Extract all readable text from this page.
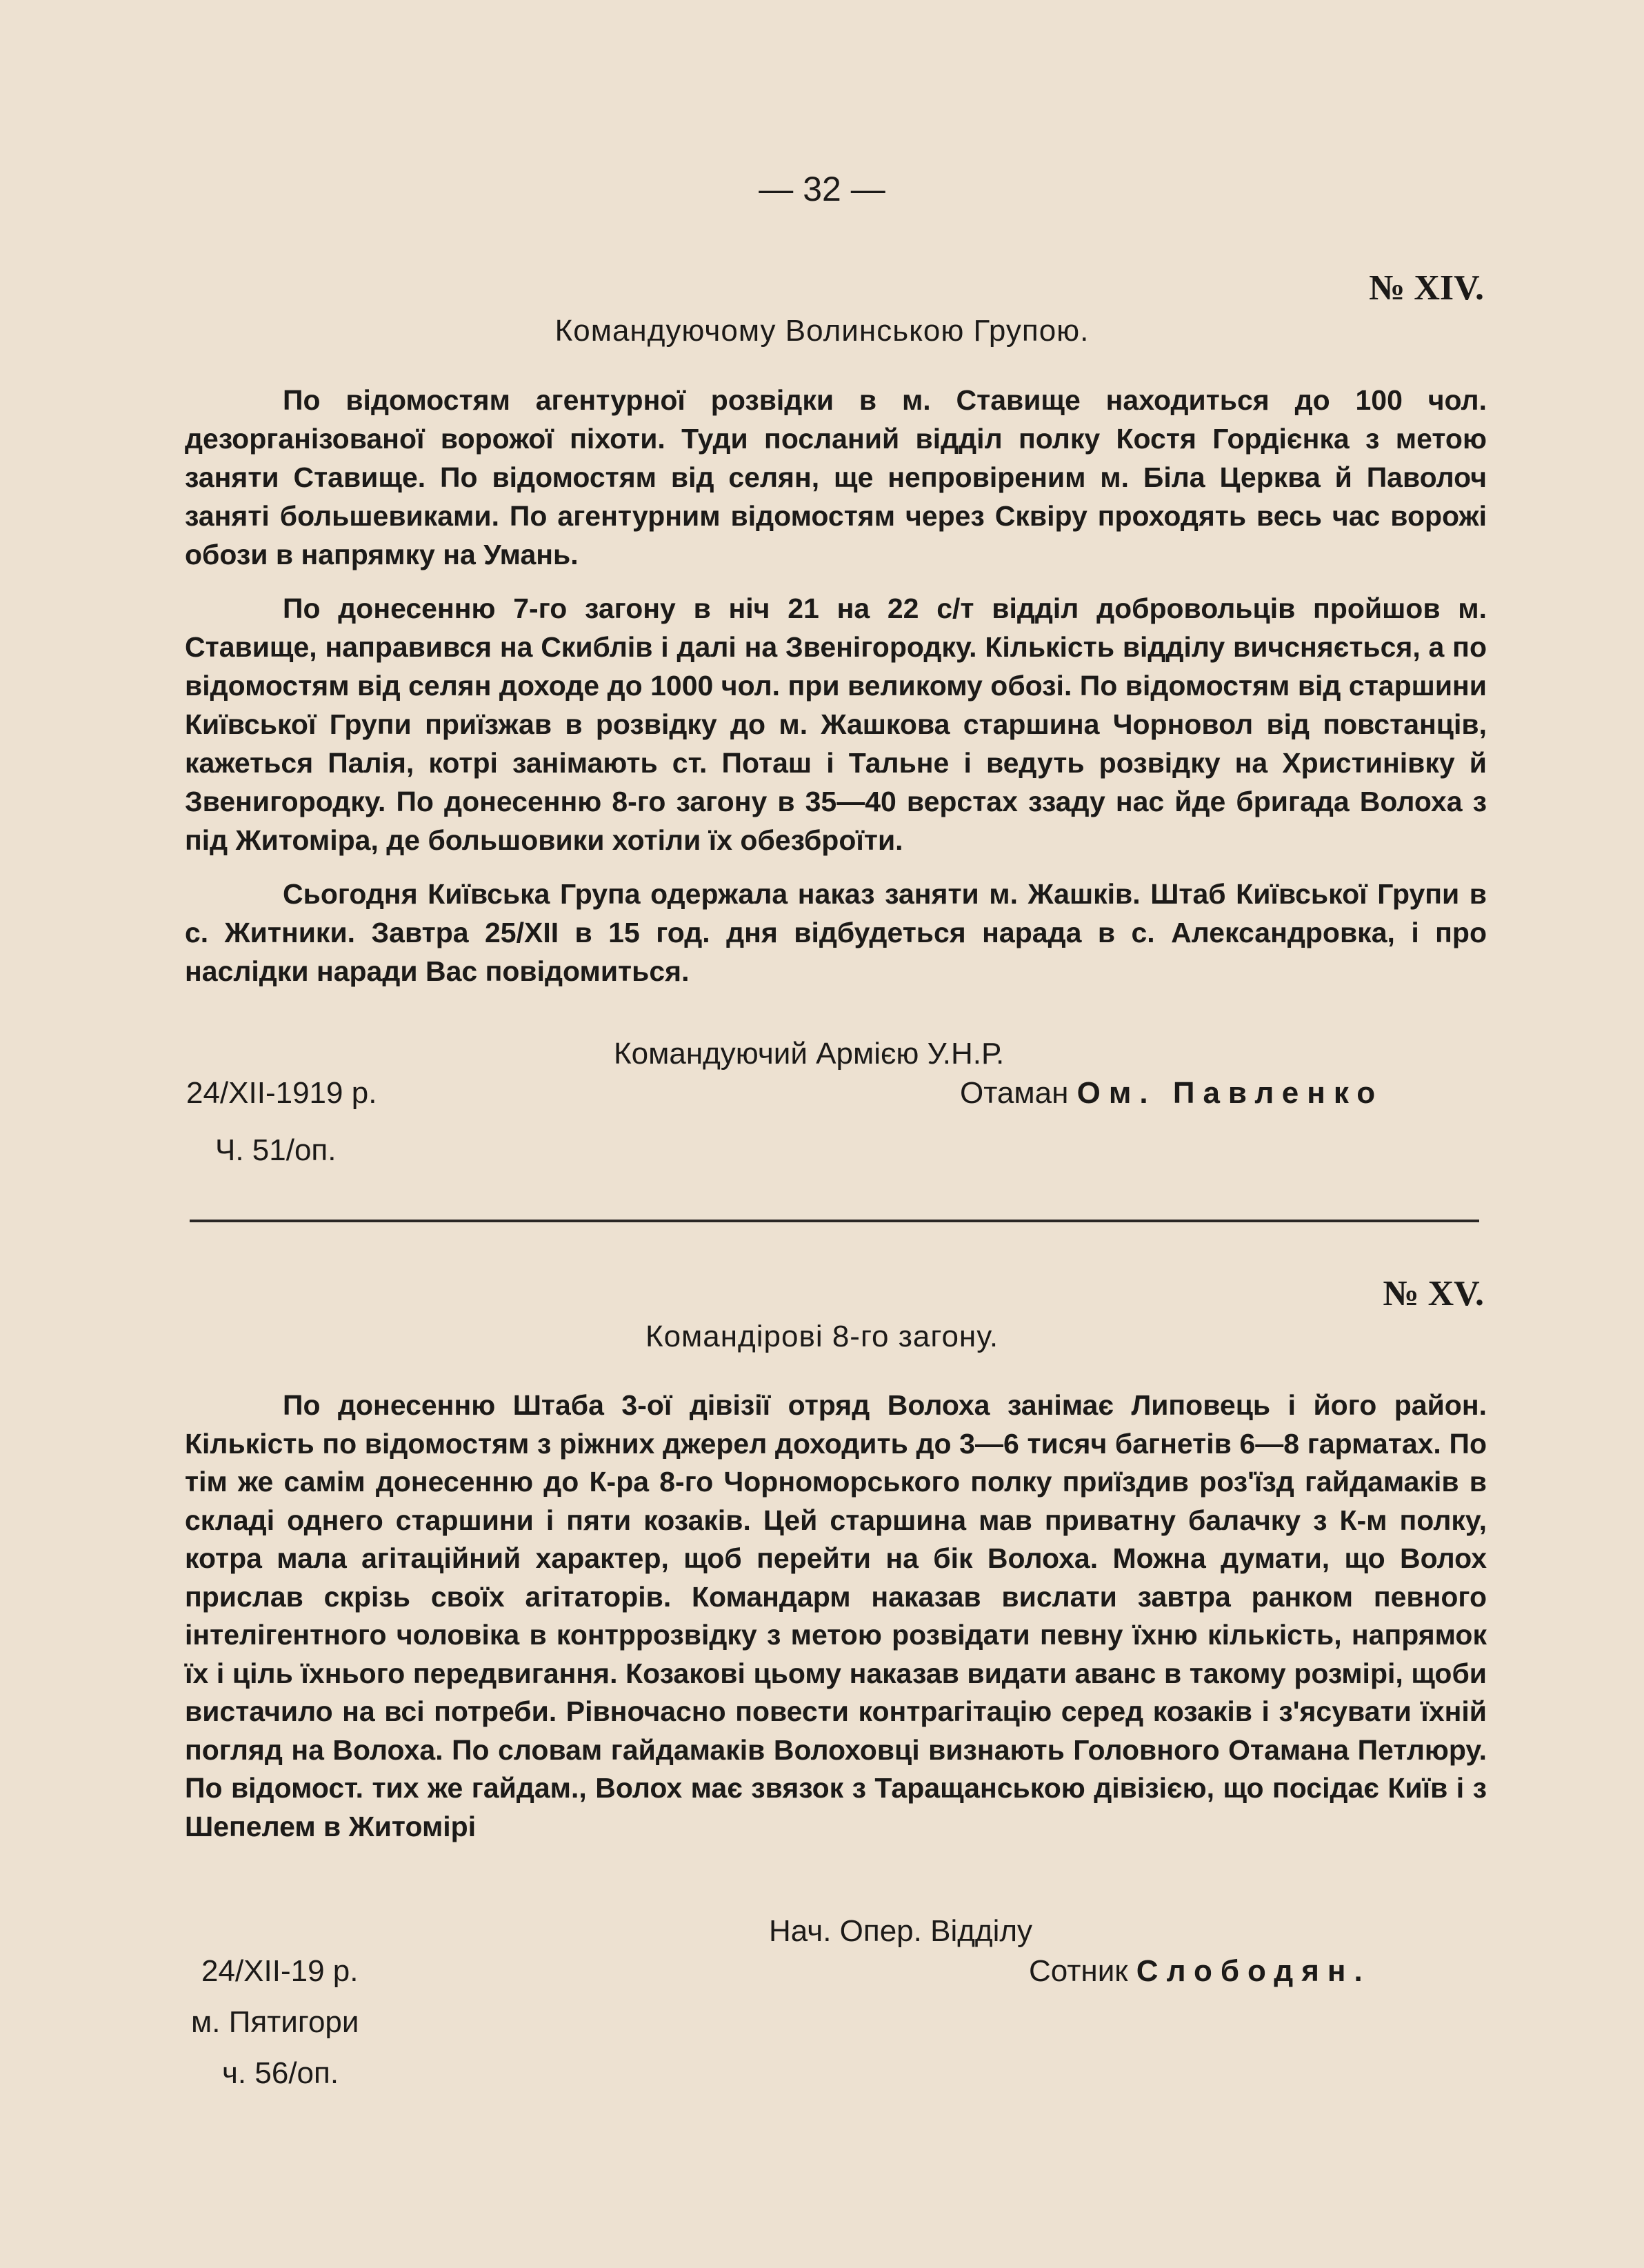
— 32 —
№ XIV.
Командуючому Волинською Групою.

По відомостям агентурної розвідки в м. Ставище находиться до 100 чол. дезорганізованої ворожої піхоти. Туди посланий відділ полку Костя Гордієнка з метою заняти Ставище. По відомостям від селян, ще непровіреним м. Біла Церква й Паволоч заняті большевиками. По агентурним відомостям через Сквіру проходять весь час ворожі обози в напрямку на Умань.

По донесенню 7-го загону в ніч 21 на 22 с/т відділ добровольців пройшов м. Ставище, направився на Скиблів і далі на Звенігородку. Кількість відділу вичсняється, а по відомостям від селян доходе до 1000 чол. при великому обозі. По відомостям від старшини Київської Групи приїзжав в розвідку до м. Жашкова старшина Чорновол від повстанців, кажеться Палія, котрі занімають ст. Поташ і Тальне і ведуть розвідку на Христинівку й Звенигородку. По донесенню 8-го загону в 35—40 верстах ззаду нас йде бригада Волоха з під Житоміра, де большовики хотіли їх обезброїти.

Сьогодня Київська Група одержала наказ заняти м. Жашків. Штаб Київської Групи в с. Житники. Завтра 25/XII в 15 год. дня відбудеться нарада в с. Александровка, і про наслідки наради Вас повідомиться.

Командуючий Армією У.Н.Р.
24/XII-1919 р.	Отаман Ом. Павленко
Ч. 51/оп.
№ XV.
Командірові 8-го загону.

По донесенню Штаба 3-ої дівізії отряд Волоха занімає Липовець і його район. Кількість по відомостям з ріжних джерел доходить до 3—6 тисяч багнетів 6—8 гарматах. По тім же самім донесенню до К-ра 8-го Чорноморського полку приїздив роз'їзд гайдамаків в складі однего старшини і пяти козаків. Цей старшина мав приватну балачку з К-м полку, котра мала агітаційний характер, щоб перейти на бік Волоха. Можна думати, що Волох прислав скрізь своїх агітаторів. Командарм наказав вислати завтра ранком певного інтелігентного чоловіка в контррозвідку з метою розвідати певну їхню кількість, напрямок їх і ціль їхнього передвигання. Козакові цьому наказав видати аванс в такому розмірі, щоби вистачило на всі потреби. Рівночасно повести контрагітацію серед козаків і з'ясувати їхній погляд на Волоха. По словам гайдамаків Волоховці визнають Головного Отамана Петлюру. По відомост. тих же гайдам., Волох має звязок з Таращанською дівізією, що посідає Київ і з Шепелем в Житомірі

Нач. Опер. Відділу
24/XII-19 р.	Сотник Слободян.
м. Пятигори
ч. 56/оп.
